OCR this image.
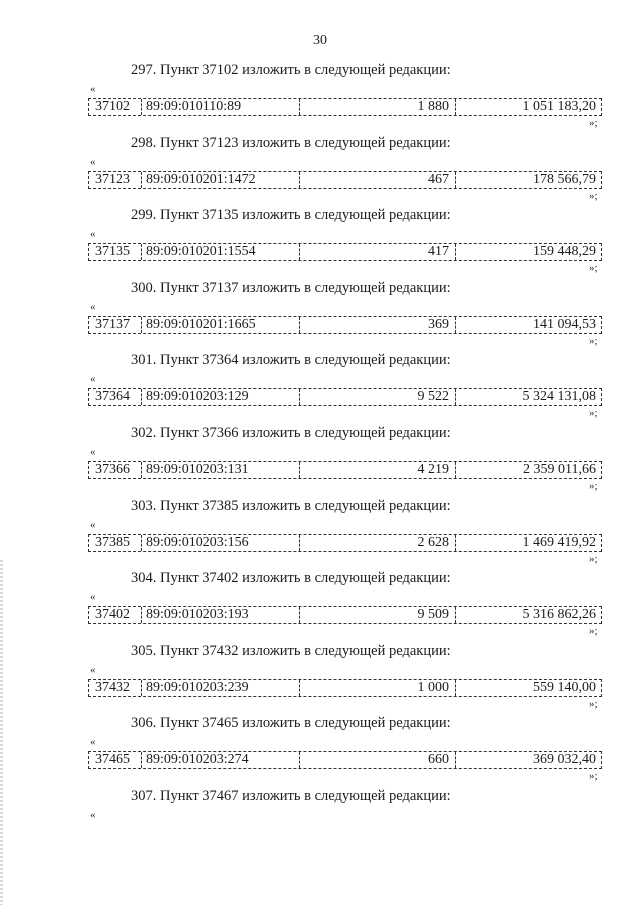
30
297. Пункт 37102 изложить в следующей редакции:
«
37102	89:09:010110:89	1 880	1 051 183,20
»;
298. Пункт 37123 изложить в следующей редакции:
«
37123	89:09:010201:1472	467	178 566,79
»;
299. Пункт 37135 изложить в следующей редакции:
«
37135	89:09:010201:1554	417	159 448,29
»;
300. Пункт 37137 изложить в следующей редакции:
«
37137	89:09:010201:1665	369	141 094,53
»;
301. Пункт 37364 изложить в следующей редакции:
«
37364	89:09:010203:129	9 522	5 324 131,08
»;
302. Пункт 37366 изложить в следующей редакции:
«
37366	89:09:010203:131	4 219	2 359 011,66
»;
303. Пункт 37385 изложить в следующей редакции:
«
37385	89:09:010203:156	2 628	1 469 419,92
»;
304. Пункт 37402 изложить в следующей редакции:
«
37402	89:09:010203:193	9 509	5 316 862,26
»;
305. Пункт 37432 изложить в следующей редакции:
«
37432	89:09:010203:239	1 000	559 140,00
»;
306. Пункт 37465 изложить в следующей редакции:
«
37465	89:09:010203:274	660	369 032,40
»;
307. Пункт 37467 изложить в следующей редакции:
«
